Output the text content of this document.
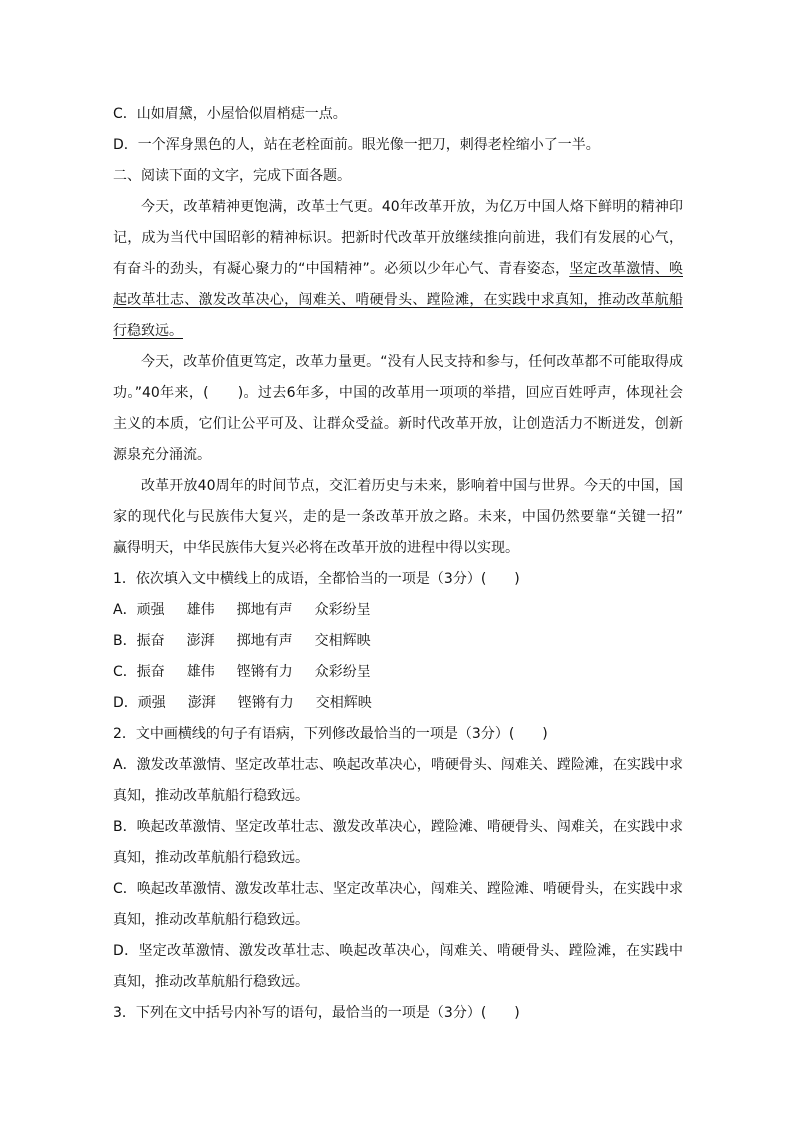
C．山如眉黛，小屋恰似眉梢痣一点。
D．一个浑身黑色的人，站在老栓面前。眼光像一把刀，刺得老栓缩小了一半。
二、阅读下面的文字，完成下面各题。
今天，改革精神更饱满，改革士气更。40年改革开放，为亿万中国人烙下鲜明的精神印
记，成为当代中国昭彰的精神标识。把新时代改革开放继续推向前进，我们有发展的心气，
有奋斗的劲头，有凝心聚力的“中国精神”。必须以少年心气、青春姿态，坚定改革激情、唤
起改革壮志、激发改革决心，闯难关、啃硬骨头、蹚险滩，在实践中求真知，推动改革航船
行稳致远。
今天，改革价值更笃定，改革力量更。“没有人民支持和参与，任何改革都不可能取得成
功。”40年来，(　　)。过去6年多，中国的改革用一项项的举措，回应百姓呼声，体现社会
主义的本质，它们让公平可及、让群众受益。新时代改革开放，让创造活力不断迸发，创新
源泉充分涌流。
改革开放40周年的时间节点，交汇着历史与未来，影响着中国与世界。今天的中国，国
家的现代化与民族伟大复兴，走的是一条改革开放之路。未来，中国仍然要靠“关键一招”
赢得明天，中华民族伟大复兴必将在改革开放的进程中得以实现。
1．依次填入文中横线上的成语，全都恰当的一项是（3分）(　　)
A．顽强 雄伟 掷地有声 众彩纷呈
B．振奋 澎湃 掷地有声 交相辉映
C．振奋 雄伟 铿锵有力 众彩纷呈
D．顽强 澎湃 铿锵有力 交相辉映
2．文中画横线的句子有语病，下列修改最恰当的一项是（3分）(　　)
A．激发改革激情、坚定改革壮志、唤起改革决心，啃硬骨头、闯难关、蹚险滩，在实践中求
真知，推动改革航船行稳致远。
B．唤起改革激情、坚定改革壮志、激发改革决心，蹚险滩、啃硬骨头、闯难关，在实践中求
真知，推动改革航船行稳致远。
C．唤起改革激情、激发改革壮志、坚定改革决心，闯难关、蹚险滩、啃硬骨头，在实践中求
真知，推动改革航船行稳致远。
D．坚定改革激情、激发改革壮志、唤起改革决心，闯难关、啃硬骨头、蹚险滩，在实践中
真知，推动改革航船行稳致远。
3．下列在文中括号内补写的语句，最恰当的一项是（3分）(　　)
